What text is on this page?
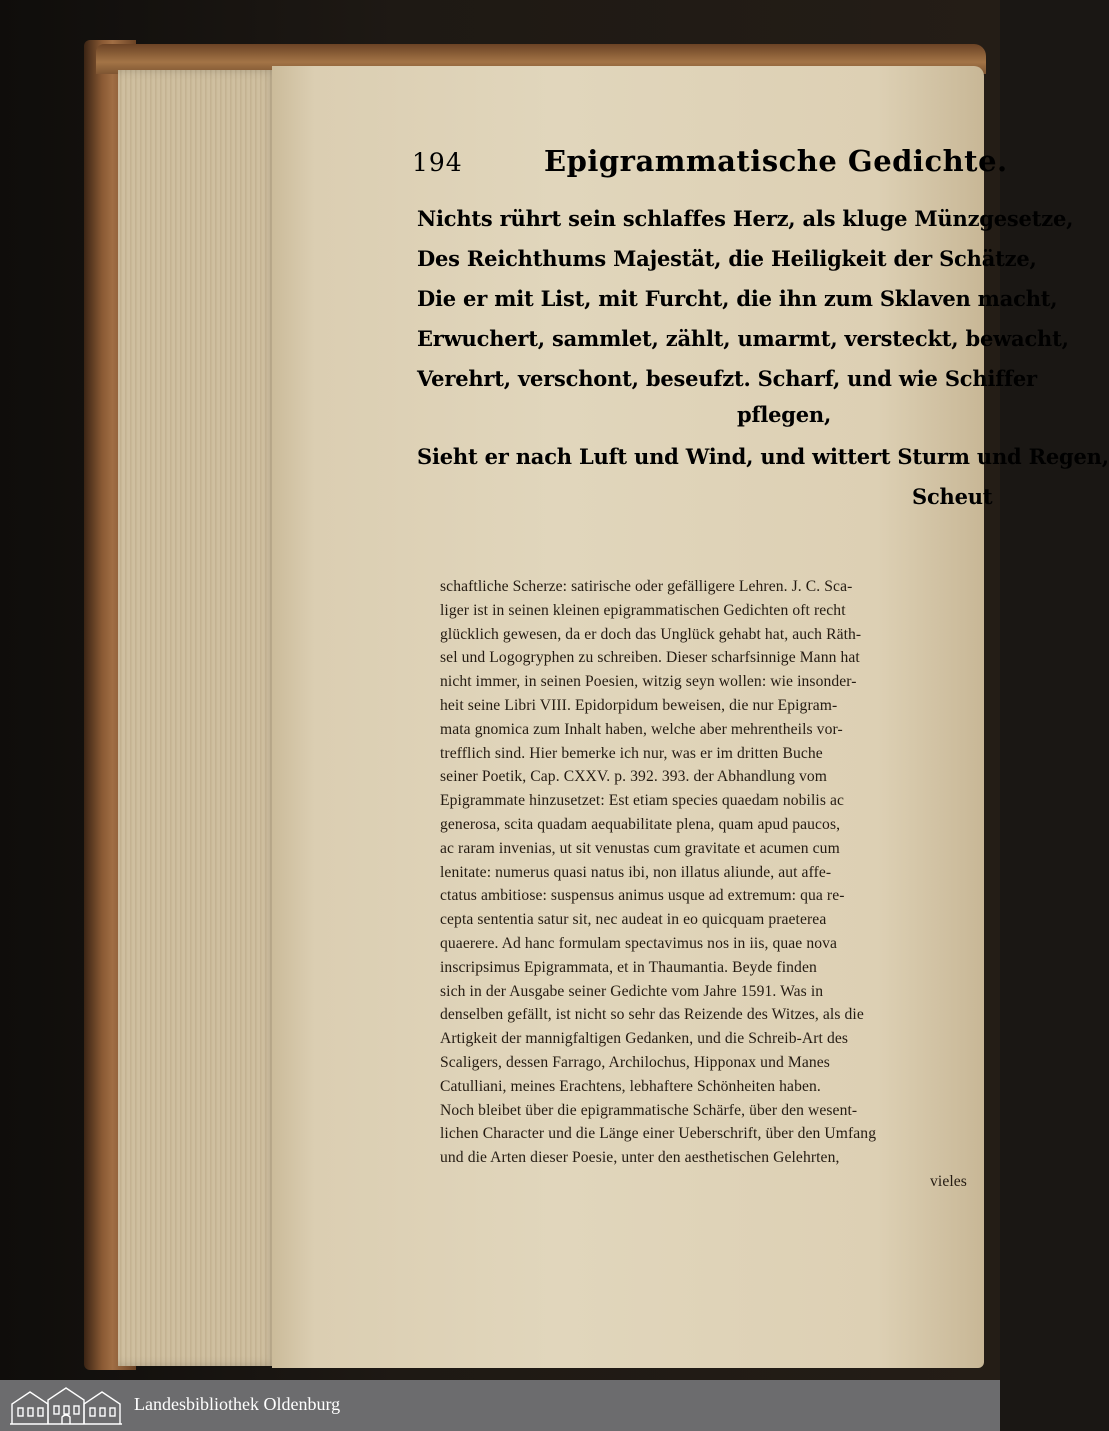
194	Epigrammatische Gedichte.
Nichts rührt sein schlaffes Herz, als kluge Münzgesetze,
Des Reichthums Majestät, die Heiligkeit der Schätze,
Die er mit List, mit Furcht, die ihn zum Sklaven macht,
Erwuchert, sammlet, zählt, umarmt, versteckt, bewacht,
Verehrt, verschont, beseufzt. Scharf, und wie Schiffer
pflegen,
Sieht er nach Luft und Wind, und wittert Sturm und Regen,
Scheut
schaftliche Scherze: satirische oder gefälligere Lehren. J. C. Sca-
liger ist in seinen kleinen epigrammatischen Gedichten oft recht
glücklich gewesen, da er doch das Unglück gehabt hat, auch Räth-
sel und Logogryphen zu schreiben. Dieser scharfsinnige Mann hat
nicht immer, in seinen Poesien, witzig seyn wollen: wie insonder-
heit seine Libri VIII. Epidorpidum beweisen, die nur Epigram-
mata gnomica zum Inhalt haben, welche aber mehrentheils vor-
trefflich sind. Hier bemerke ich nur, was er im dritten Buche
seiner Poetik, Cap. CXXV. p. 392. 393. der Abhandlung vom
Epigrammate hinzusetzet: Est etiam species quaedam nobilis ac
generosa, scita quadam aequabilitate plena, quam apud paucos,
ac raram invenias, ut sit venustas cum gravitate et acumen cum
lenitate: numerus quasi natus ibi, non illatus aliunde, aut affe-
ctatus ambitiose: suspensus animus usque ad extremum: qua re-
cepta sententia satur sit, nec audeat in eo quicquam praeterea
quaerere. Ad hanc formulam spectavimus nos in iis, quae nova
inscripsimus Epigrammata, et in Thaumantia. Beyde finden
sich in der Ausgabe seiner Gedichte vom Jahre 1591. Was in
denselben gefällt, ist nicht so sehr das Reizende des Witzes, als die
Artigkeit der mannigfaltigen Gedanken, und die Schreib-Art des
Scaligers, dessen Farrago, Archilochus, Hipponax und Manes
Catulliani, meines Erachtens, lebhaftere Schönheiten haben.
Noch bleibet über die epigrammatische Schärfe, über den wesent-
lichen Character und die Länge einer Ueberschrift, über den Umfang
und die Arten dieser Poesie, unter den aesthetischen Gelehrten,
vieles
Landesbibliothek Oldenburg
